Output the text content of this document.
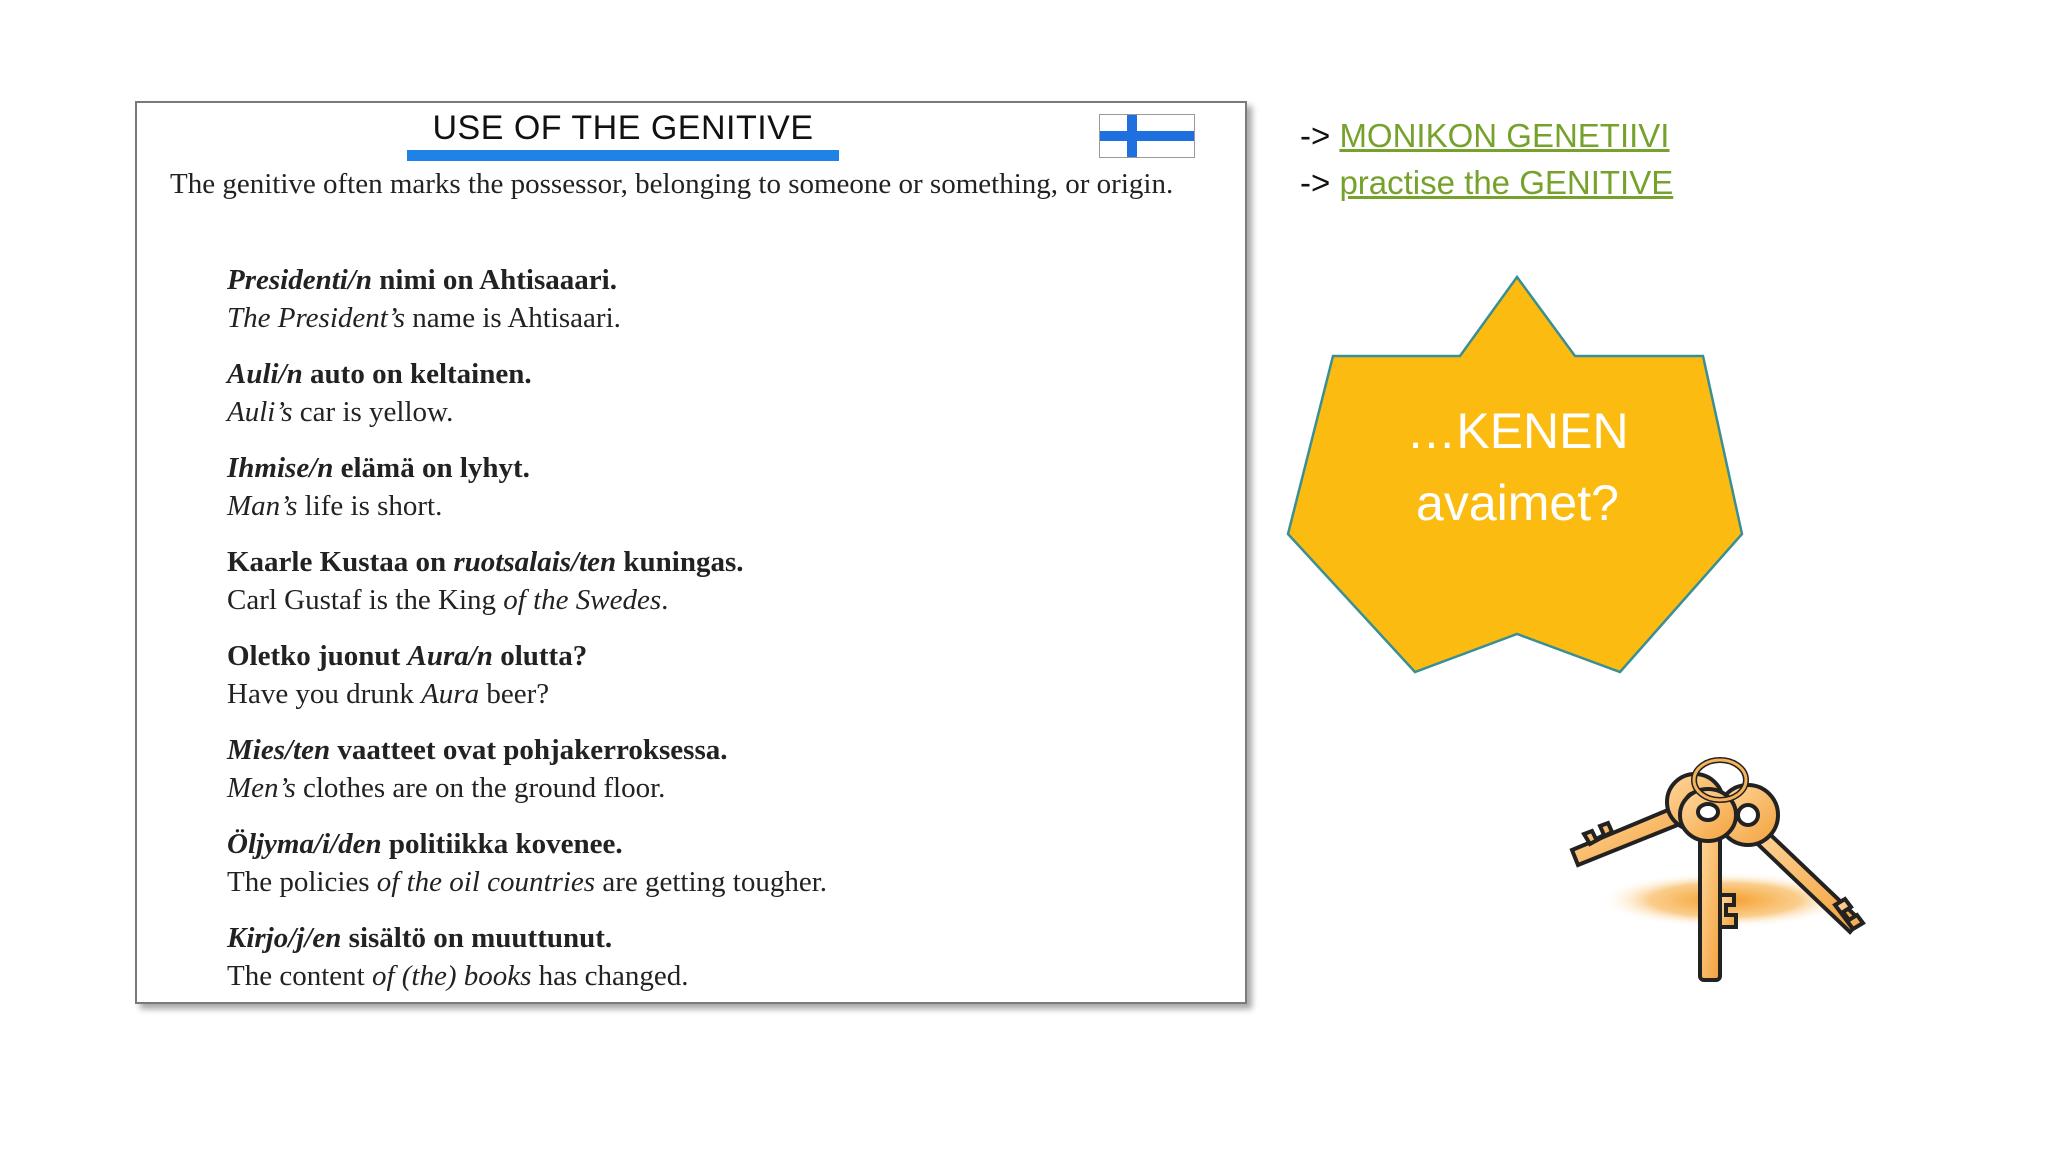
USE OF THE GENITIVE
The genitive often marks the possessor, belonging to someone or something, or origin.
Presidenti/n nimi on Ahtisaaari.
The President’s name is Ahtisaari.
Auli/n auto on keltainen.
Auli’s car is yellow.
Ihmise/n elämä on lyhyt.
Man’s life is short.
Kaarle Kustaa on ruotsalais/ten kuningas.
Carl Gustaf is the King of the Swedes.
Oletko juonut Aura/n olutta?
Have you drunk Aura beer?
Mies/ten vaatteet ovat pohjakerroksessa.
Men’s clothes are on the ground floor.
Öljyma/i/den politiikka kovenee.
The policies of the oil countries are getting tougher.
Kirjo/j/en sisältö on muuttunut.
The content of (the) books has changed.
-> MONIKON GENETIIVI
-> practise the GENITIVE
…KENEN
avaimet?
